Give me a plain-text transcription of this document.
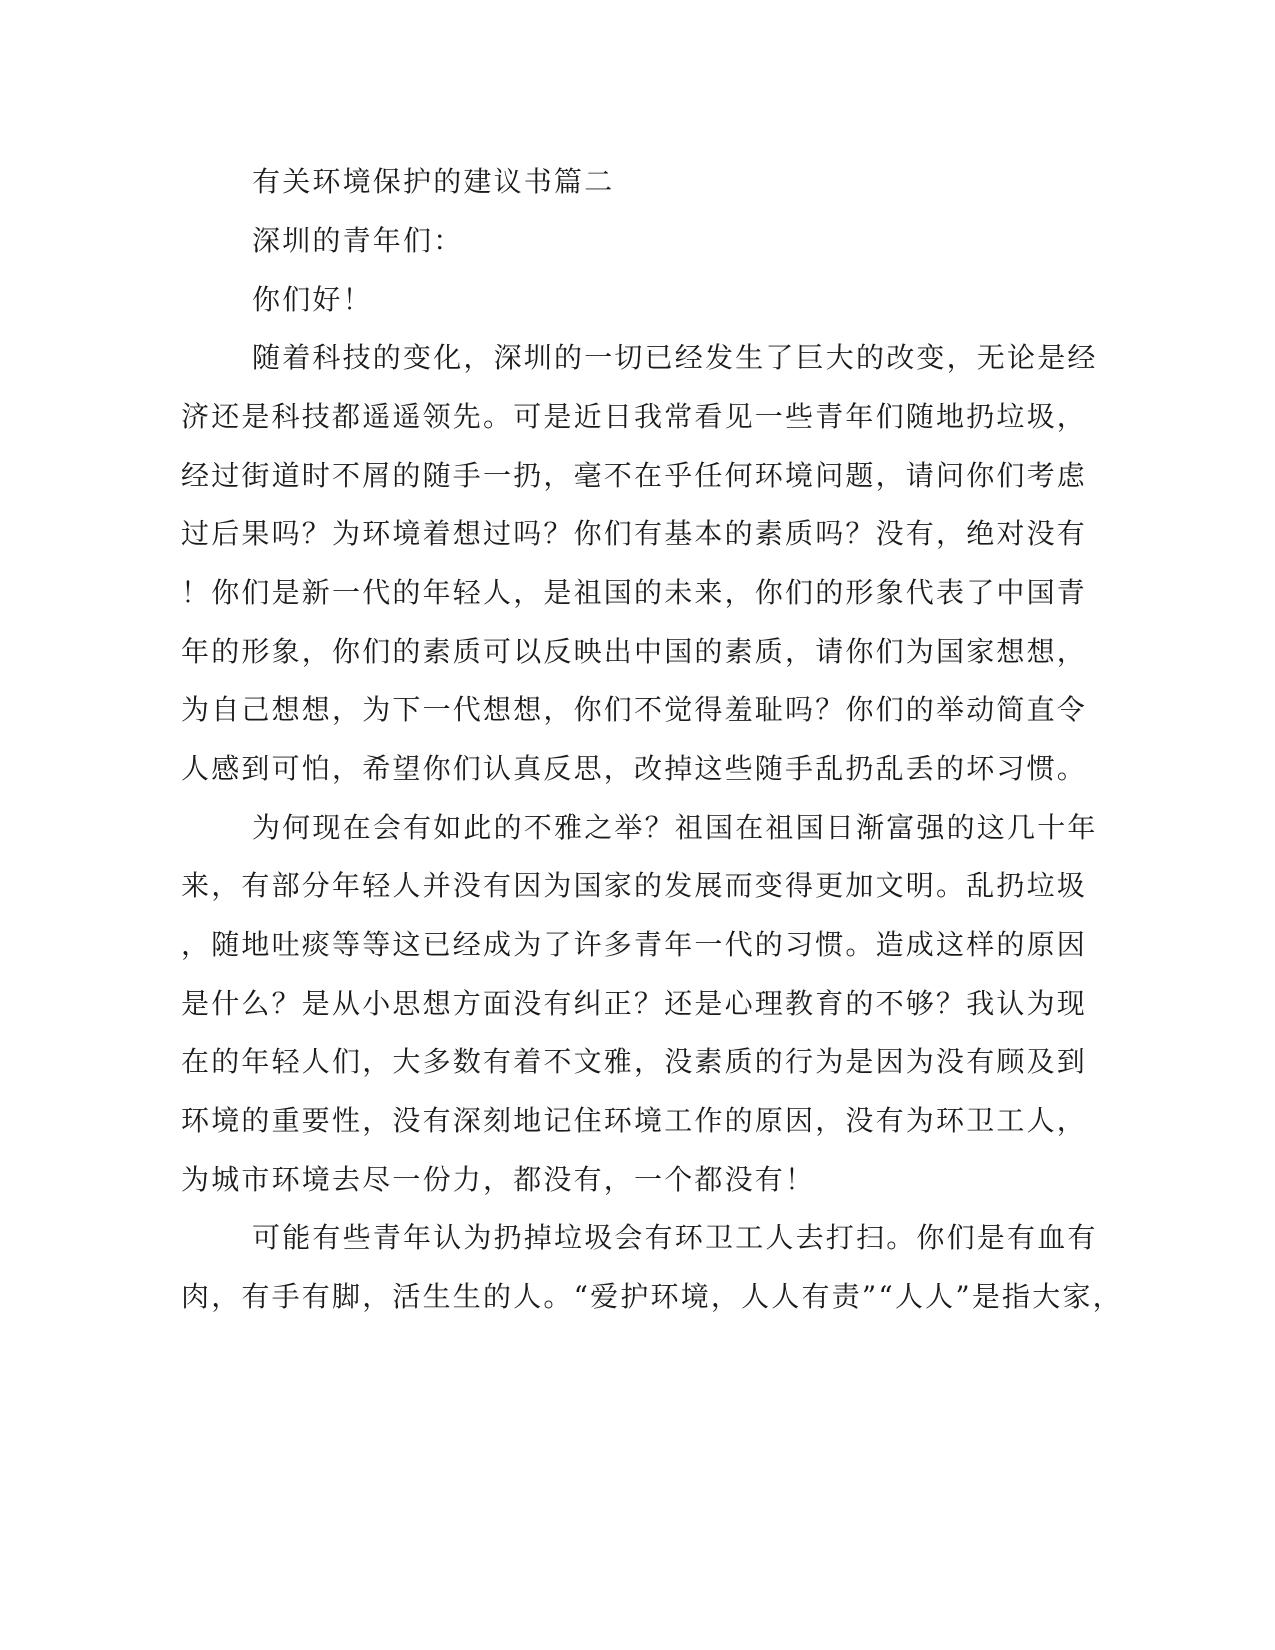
有关环境保护的建议书篇二
深圳的青年们：
你们好！
随着科技的变化，深圳的一切已经发生了巨大的改变，无论是经
济还是科技都遥遥领先。可是近日我常看见一些青年们随地扔垃圾，
经过街道时不屑的随手一扔，毫不在乎任何环境问题，请问你们考虑
过后果吗？为环境着想过吗？你们有基本的素质吗？没有，绝对没有
！你们是新一代的年轻人，是祖国的未来，你们的形象代表了中国青
年的形象，你们的素质可以反映出中国的素质，请你们为国家想想，
为自己想想，为下一代想想，你们不觉得羞耻吗？你们的举动简直令
人感到可怕，希望你们认真反思，改掉这些随手乱扔乱丢的坏习惯。
为何现在会有如此的不雅之举？祖国在祖国日渐富强的这几十年
来，有部分年轻人并没有因为国家的发展而变得更加文明。乱扔垃圾
，随地吐痰等等这已经成为了许多青年一代的习惯。造成这样的原因
是什么？是从小思想方面没有纠正？还是心理教育的不够？我认为现
在的年轻人们，大多数有着不文雅，没素质的行为是因为没有顾及到
环境的重要性，没有深刻地记住环境工作的原因，没有为环卫工人，
为城市环境去尽一份力，都没有，一个都没有！
可能有些青年认为扔掉垃圾会有环卫工人去打扫。你们是有血有
肉，有手有脚，活生生的人。“爱护环境，人人有责”“人人”是指大家，
